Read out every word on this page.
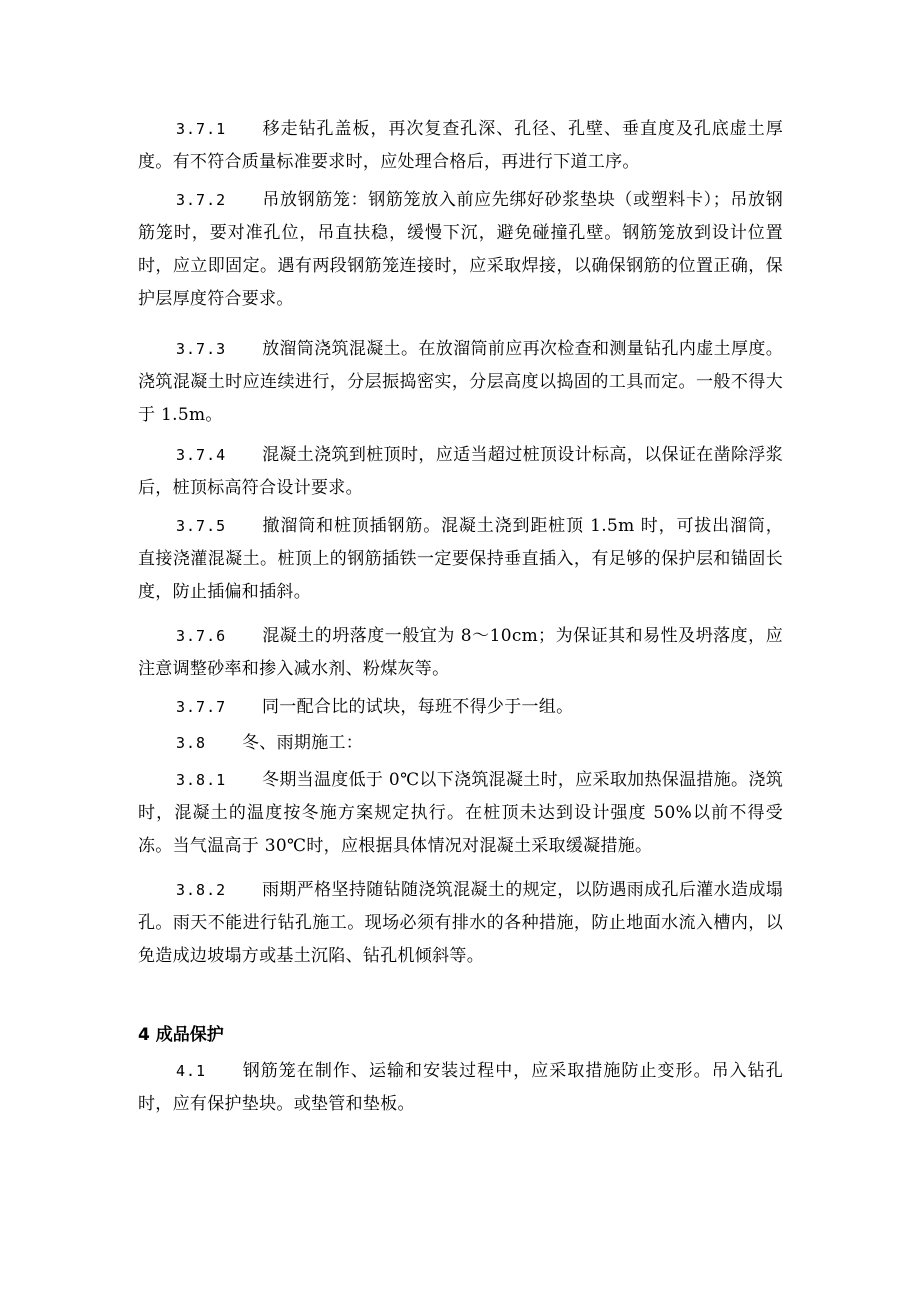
3.7.1 移走钻孔盖板，再次复查孔深、孔径、孔壁、垂直度及孔底虚土厚度。有不符合质量标准要求时，应处理合格后，再进行下道工序。

3.7.2 吊放钢筋笼：钢筋笼放入前应先绑好砂浆垫块（或塑料卡）；吊放钢筋笼时，要对准孔位，吊直扶稳，缓慢下沉，避免碰撞孔壁。钢筋笼放到设计位置时，应立即固定。遇有两段钢筋笼连接时，应采取焊接，以确保钢筋的位置正确，保护层厚度符合要求。

3.7.3 放溜筒浇筑混凝土。在放溜筒前应再次检查和测量钻孔内虚土厚度。浇筑混凝土时应连续进行，分层振捣密实，分层高度以捣固的工具而定。一般不得大于 1.5m。

3.7.4 混凝土浇筑到桩顶时，应适当超过桩顶设计标高，以保证在凿除浮浆后，桩顶标高符合设计要求。

3.7.5 撤溜筒和桩顶插钢筋。混凝土浇到距桩顶 1.5m 时，可拔出溜筒，直接浇灌混凝土。桩顶上的钢筋插铁一定要保持垂直插入，有足够的保护层和锚固长度，防止插偏和插斜。

3.7.6 混凝土的坍落度一般宜为 8～10cm；为保证其和易性及坍落度，应注意调整砂率和掺入减水剂、粉煤灰等。

3.7.7 同一配合比的试块，每班不得少于一组。

3.8 冬、雨期施工：

3.8.1 冬期当温度低于 0℃以下浇筑混凝土时，应采取加热保温措施。浇筑时，混凝土的温度按冬施方案规定执行。在桩顶未达到设计强度 50%以前不得受冻。当气温高于 30℃时，应根据具体情况对混凝土采取缓凝措施。

3.8.2 雨期严格坚持随钻随浇筑混凝土的规定，以防遇雨成孔后灌水造成塌孔。雨天不能进行钻孔施工。现场必须有排水的各种措施，防止地面水流入槽内，以免造成边坡塌方或基土沉陷、钻孔机倾斜等。

4 成品保护

4.1 钢筋笼在制作、运输和安装过程中，应采取措施防止变形。吊入钻孔时，应有保护垫块。或垫管和垫板。
